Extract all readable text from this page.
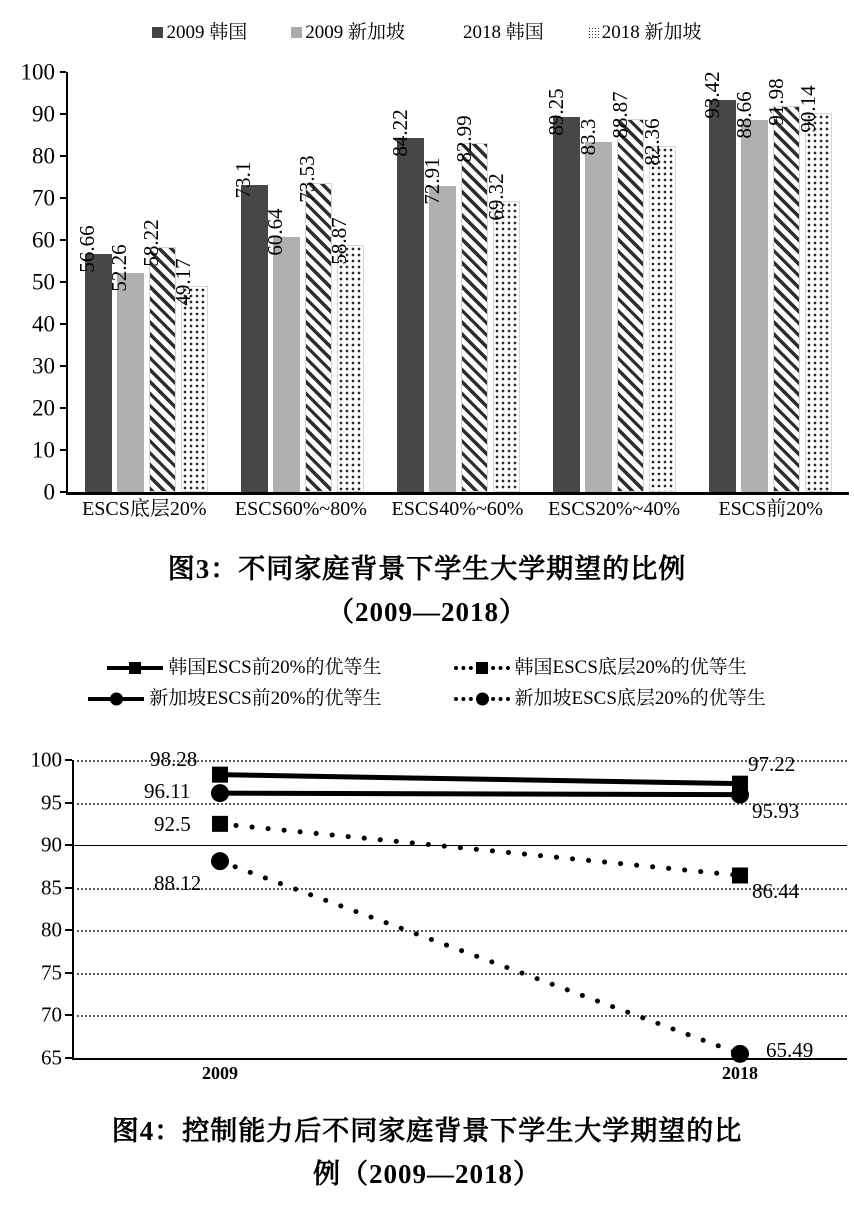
2009 韩国	2009 新加坡	2018 韩国	2018 新加坡
0
10
20
30
40
50
60
70
80
90
100
56.66 52.26
58.22
49.17
73.1
60.64
73.53
58.87
84.22
72.91
82.99
69.32
89.25
83.3 88.87
82.36
93.42 88.66 91.98 90.14
ESCS底层20%	ESCS60%~80%	ESCS40%~60%	ESCS20%~40%	ESCS前20%
图3：不同家庭背景下学生大学期望的比例
（2009—2018）
韩国ESCS前20%的优等生	韩国ESCS底层20%的优等生
新加坡ESCS前20%的优等生	新加坡ESCS底层20%的优等生
65
70
75
80
85
90
95
100	98.28	97.22
96.11
95.93
92.5
86.44
88.12
65.49
2009	2018
图4：控制能力后不同家庭背景下学生大学期望的比
例（2009—2018）
